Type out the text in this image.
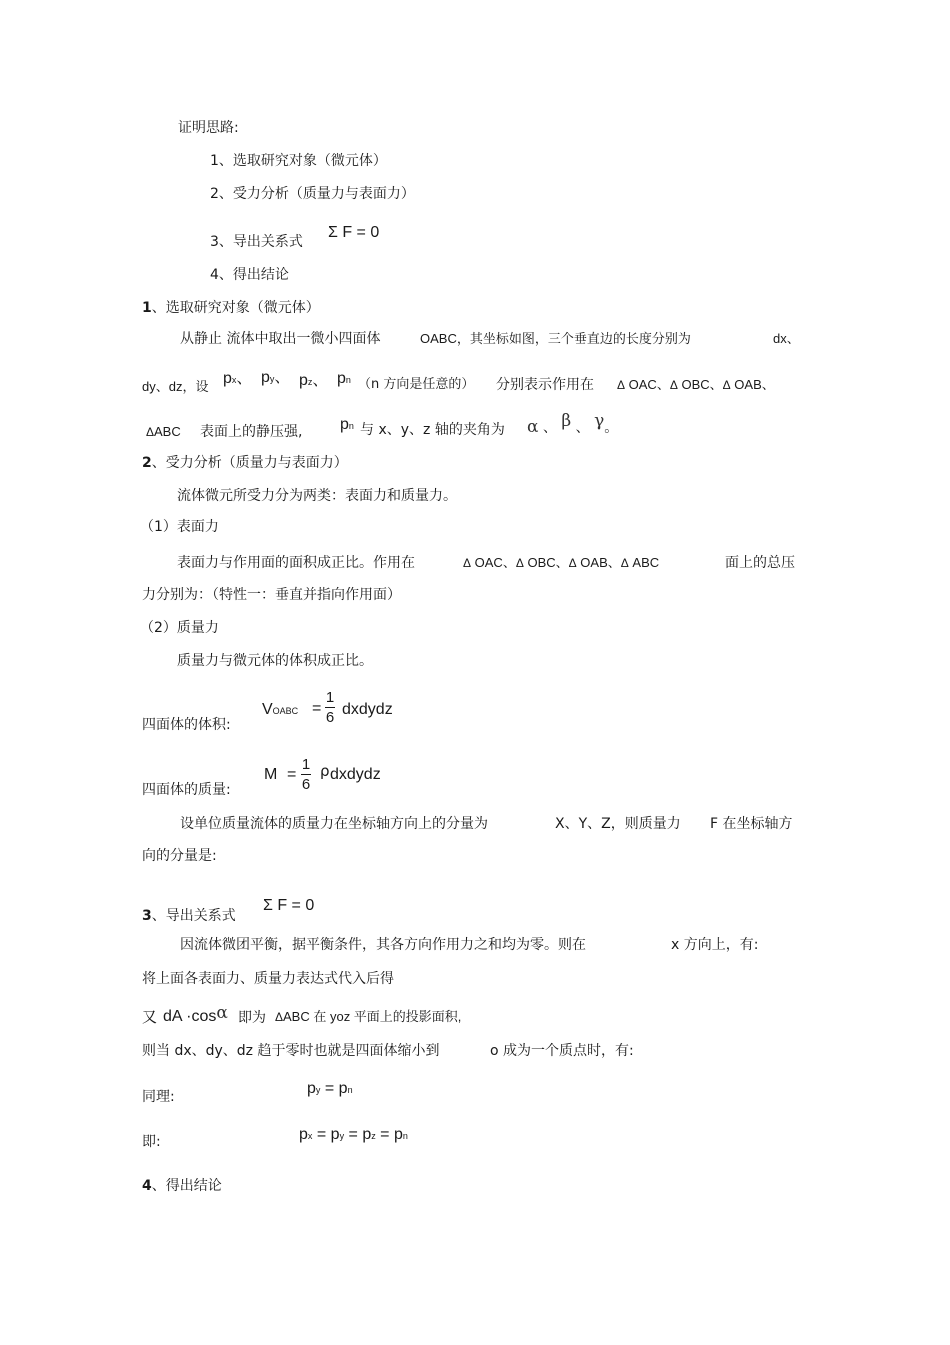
证明思路:
1、选取研究对象（微元体）
2、受力分析（质量力与表面力）
3、导出关系式
Σ F = 0
4、得出结论
1、选取研究对象（微元体）
从静止 流体中取出一微小四面体	OABC，其坐标如图，三个垂直边的长度分别为	dx、
dy、dz，设 px、 py、 pz、 pn （n 方向是任意的） 分别表示作用在 Δ OAC、Δ OBC、Δ OAB、
ΔABC 表面上的静压强, pn 与 x、y、z 轴的夹角为 α 、 β 、 γ。
2、受力分析（质量力与表面力）
流体微元所受力分为两类：表面力和质量力。
（1）表面力
表面力与作用面的面积成正比。作用在	Δ OAC、Δ OBC、Δ OAB、Δ ABC	面上的总压
力分别为：（特性一：垂直并指向作用面）
（2）质量力
质量力与微元体的体积成正比。
四面体的体积:
VOABC =
1
6 dxdydz
四面体的质量:
M =
1
6
ρ dxdydz
设单位质量流体的质量力在坐标轴方向上的分量为	X、Y、Z，则质量力 F 在坐标轴方
向的分量是:
3、导出关系式
Σ F = 0
因流体微团平衡，据平衡条件，其各方向作用力之和均为零。则在	x 方向上，有:
将上面各表面力、质量力表达式代入后得
又 dA ·cosα 即为 ΔABC 在 yoz 平面上的投影面积,
则当 dx、dy、dz 趋于零时也就是四面体缩小到	o 成为一个质点时，有:
同理:	py = pn
即:	px = py = pz = pn
4、得出结论
